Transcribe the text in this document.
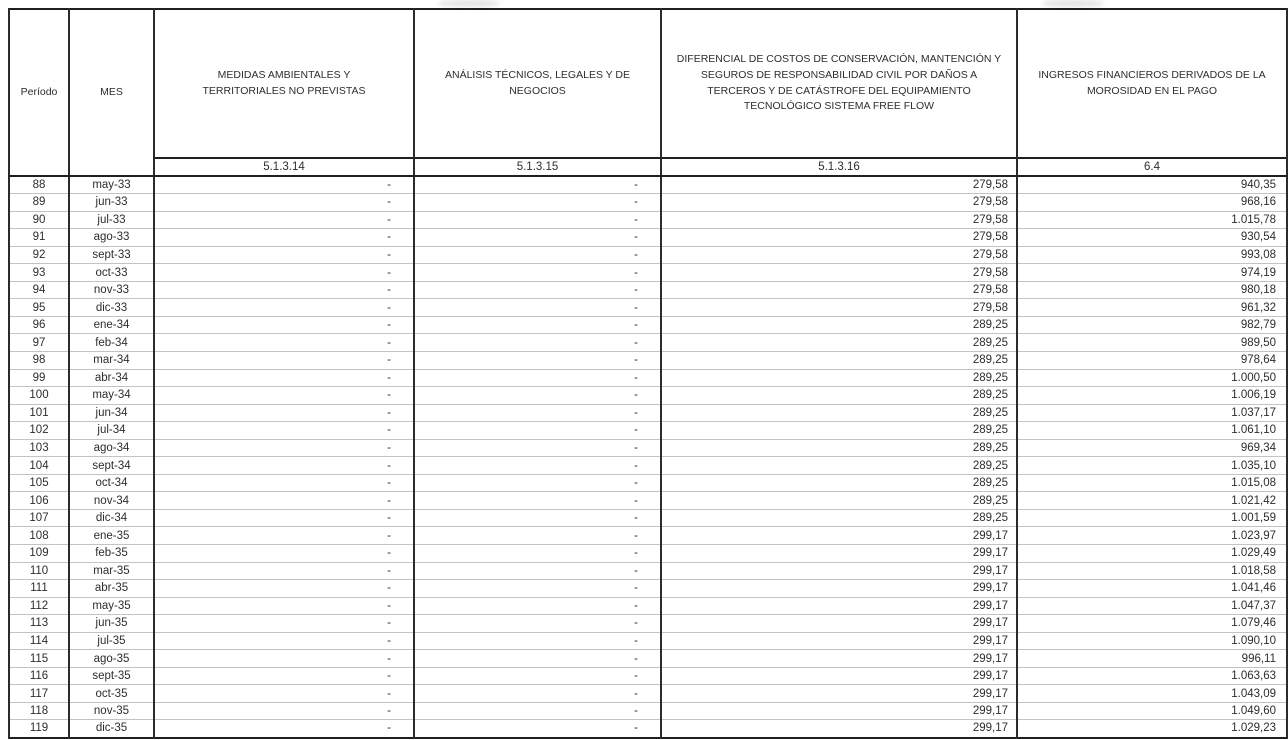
Período	MES	MEDIDAS AMBIENTALES Y TERRITORIALES NO PREVISTAS	ANÁLISIS TÉCNICOS, LEGALES Y DE NEGOCIOS	DIFERENCIAL DE COSTOS DE CONSERVACIÓN, MANTENCIÓN Y SEGUROS DE RESPONSABILIDAD CIVIL POR DAÑOS A TERCEROS Y DE CATÁSTROFE DEL EQUIPAMIENTO TECNOLÓGICO SISTEMA FREE FLOW	INGRESOS FINANCIEROS DERIVADOS DE LA MOROSIDAD EN EL PAGO
		5.1.3.14	5.1.3.15	5.1.3.16	6.4
88	may-33	-	-	279,58	940,35
89	jun-33	-	-	279,58	968,16
90	jul-33	-	-	279,58	1.015,78
91	ago-33	-	-	279,58	930,54
92	sept-33	-	-	279,58	993,08
93	oct-33	-	-	279,58	974,19
94	nov-33	-	-	279,58	980,18
95	dic-33	-	-	279,58	961,32
96	ene-34	-	-	289,25	982,79
97	feb-34	-	-	289,25	989,50
98	mar-34	-	-	289,25	978,64
99	abr-34	-	-	289,25	1.000,50
100	may-34	-	-	289,25	1.006,19
101	jun-34	-	-	289,25	1.037,17
102	jul-34	-	-	289,25	1.061,10
103	ago-34	-	-	289,25	969,34
104	sept-34	-	-	289,25	1.035,10
105	oct-34	-	-	289,25	1.015,08
106	nov-34	-	-	289,25	1.021,42
107	dic-34	-	-	289,25	1.001,59
108	ene-35	-	-	299,17	1.023,97
109	feb-35	-	-	299,17	1.029,49
110	mar-35	-	-	299,17	1.018,58
111	abr-35	-	-	299,17	1.041,46
112	may-35	-	-	299,17	1.047,37
113	jun-35	-	-	299,17	1.079,46
114	jul-35	-	-	299,17	1.090,10
115	ago-35	-	-	299,17	996,11
116	sept-35	-	-	299,17	1.063,63
117	oct-35	-	-	299,17	1.043,09
118	nov-35	-	-	299,17	1.049,60
119	dic-35	-	-	299,17	1.029,23
